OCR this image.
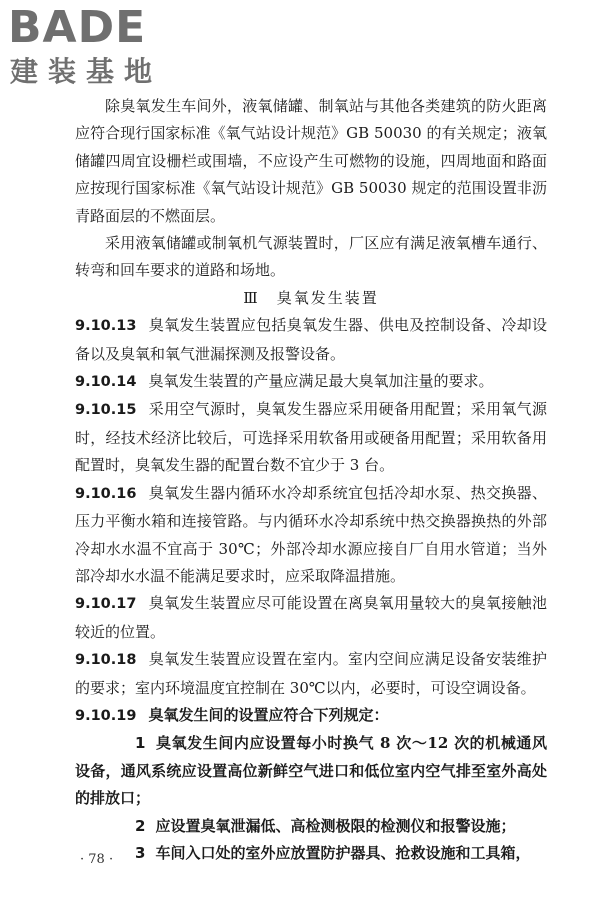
BADE
建装基地

除臭氧发生车间外，液氧储罐、制氧站与其他各类建筑的防火距离应符合现行国家标准《氧气站设计规范》GB 50030 的有关规定；液氧储罐四周宜设栅栏或围墙，不应设产生可燃物的设施，四周地面和路面应按现行国家标准《氧气站设计规范》GB 50030 规定的范围设置非沥青路面层的不燃面层。

采用液氧储罐或制氧机气源装置时，厂区应有满足液氧槽车通行、转弯和回车要求的道路和场地。

Ⅲ　臭氧发生装置

9.10.13 臭氧发生装置应包括臭氧发生器、供电及控制设备、冷却设备以及臭氧和氧气泄漏探测及报警设备。

9.10.14 臭氧发生装置的产量应满足最大臭氧加注量的要求。

9.10.15 采用空气源时，臭氧发生器应采用硬备用配置；采用氧气源时，经技术经济比较后，可选择采用软备用或硬备用配置；采用软备用配置时，臭氧发生器的配置台数不宜少于 3 台。

9.10.16 臭氧发生器内循环水冷却系统宜包括冷却水泵、热交换器、压力平衡水箱和连接管路。与内循环水冷却系统中热交换器换热的外部冷却水水温不宜高于 30℃；外部冷却水源应接自厂自用水管道；当外部冷却水水温不能满足要求时，应采取降温措施。

9.10.17 臭氧发生装置应尽可能设置在离臭氧用量较大的臭氧接触池较近的位置。

9.10.18 臭氧发生装置应设置在室内。室内空间应满足设备安装维护的要求；室内环境温度宜控制在 30℃以内，必要时，可设空调设备。

9.10.19 臭氧发生间的设置应符合下列规定：

1 臭氧发生间内应设置每小时换气 8 次～12 次的机械通风设备，通风系统应设置高位新鲜空气进口和低位室内空气排至室外高处的排放口；

2 应设置臭氧泄漏低、高检测极限的检测仪和报警设施；

3 车间入口处的室外应放置防护器具、抢救设施和工具箱，

· 78 ·
